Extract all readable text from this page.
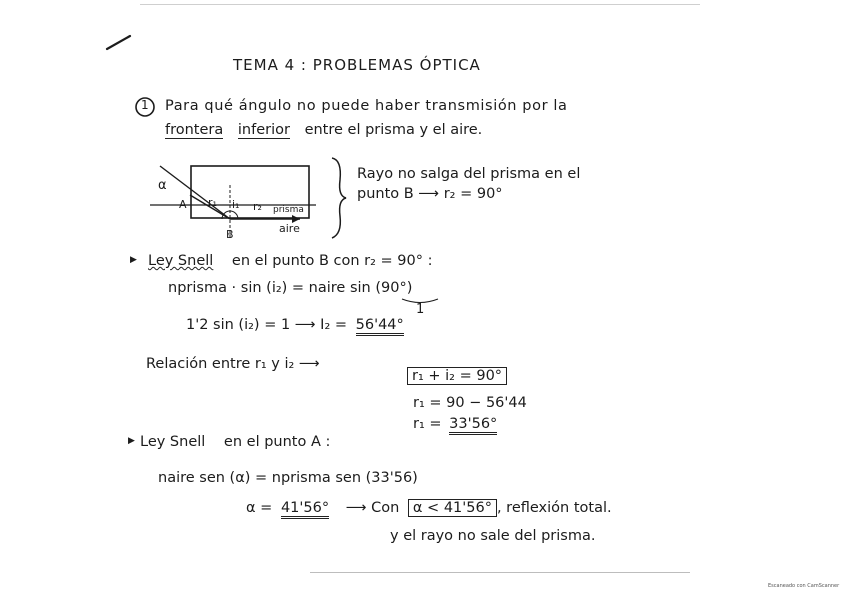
TEMA 4 : PROBLEMAS ÓPTICA
1 Para qué ángulo no puede haber transmisión por la
frontera inferior entre el prisma y el aire.
α
A r₁ i₁ r₂ prisma
aire
B
Rayo no salga del prisma en el
punto B ⟶ r₂ = 90°
▶ Ley Snell en el punto B con r₂ = 90° :
nprisma · sin (i₂) = naire sin (90°)
1
1'2 sin (i₂) = 1 ⟶ I₂ = 56'44°
Relación entre r₁ y i₂ ⟶
r₁ + i₂ = 90°
r₁ = 90 − 56'44
r₁ = 33'56°
▶ Ley Snell en el punto A :
naire sen (α) = nprisma sen (33'56)
α = 41'56° ⟶ Con α < 41'56° , reflexión total.
y el rayo no sale del prisma.
Escaneado con CamScanner
